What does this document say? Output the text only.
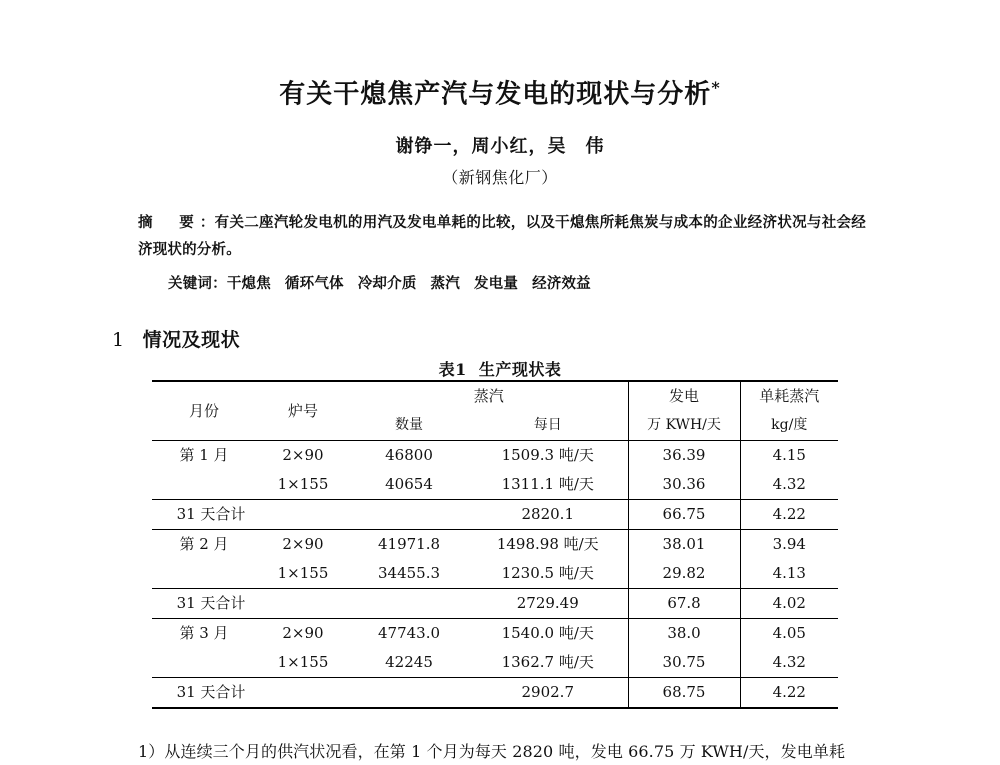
有关干熄焦产汽与发电的现状与分析*
谢铮一，周小红，吴　伟
（新钢焦化厂）
摘　要：有关二座汽轮发电机的用汽及发电单耗的比较，以及干熄焦所耗焦炭与成本的企业经济状况与社会经济现状的分析。
关键词：干熄焦 循环气体 冷却介质 蒸汽 发电量 经济效益
1 情况及现状
表1 生产现状表
月份	炉号	蒸汽		发电	单耗蒸汽
		数量	每日	万 KWH/天	kg/度
第 1 月	2×90	46800	1509.3 吨/天	36.39	4.15
	1×155	40654	1311.1 吨/天	30.36	4.32
31 天合计			2820.1	66.75	4.22
第 2 月	2×90	41971.8	1498.98 吨/天	38.01	3.94
	1×155	34455.3	1230.5 吨/天	29.82	4.13
31 天合计			2729.49	67.8	4.02
第 3 月	2×90	47743.0	1540.0 吨/天	38.0	4.05
	1×155	42245	1362.7 吨/天	30.75	4.32
31 天合计			2902.7	68.75	4.22
1）从连续三个月的供汽状况看，在第 1 个月为每天 2820 吨，发电 66.75 万 KWH/天，发电单耗
